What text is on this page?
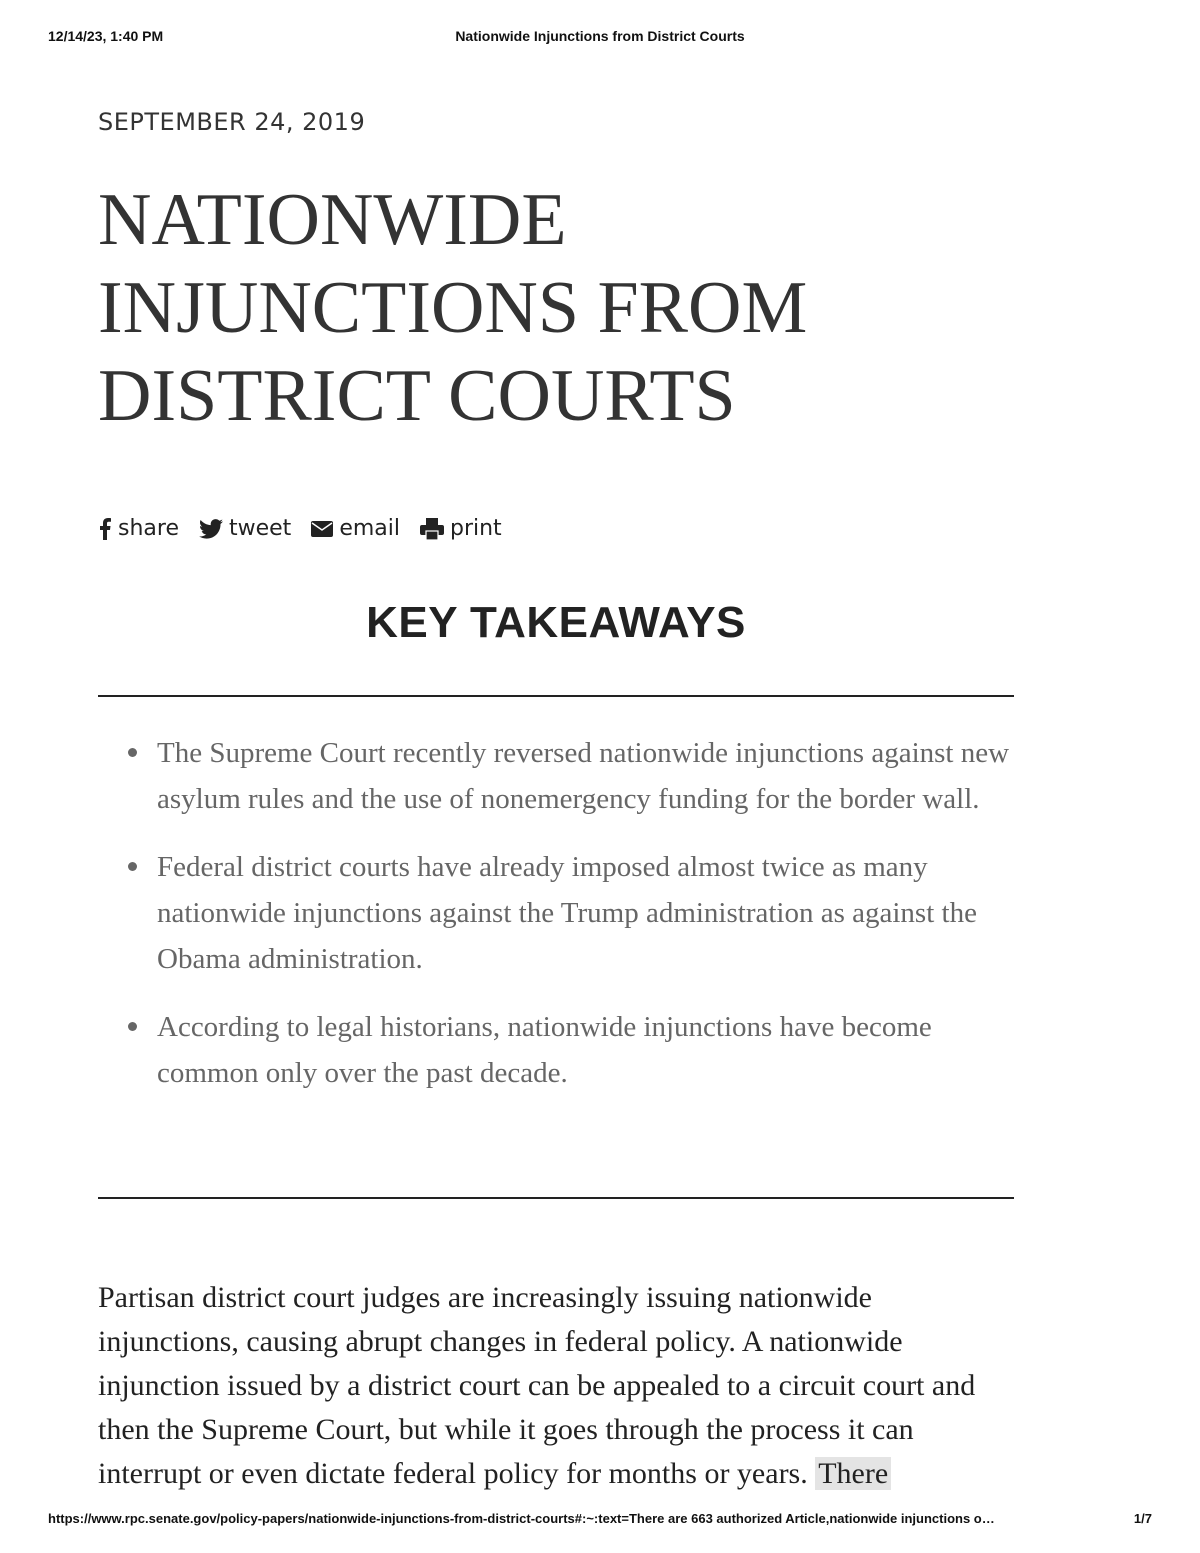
12/14/23, 1:40 PM	Nationwide Injunctions from District Courts
SEPTEMBER 24, 2019
NATIONWIDE INJUNCTIONS FROM DISTRICT COURTS
share tweet email print
KEY TAKEAWAYS
The Supreme Court recently reversed nationwide injunctions against new asylum rules and the use of nonemergency funding for the border wall.
Federal district courts have already imposed almost twice as many nationwide injunctions against the Trump administration as against the Obama administration.
According to legal historians, nationwide injunctions have become common only over the past decade.

Partisan district court judges are increasingly issuing nationwide injunctions, causing abrupt changes in federal policy. A nationwide injunction issued by a district court can be appealed to a circuit court and then the Supreme Court, but while it goes through the process it can interrupt or even dictate federal policy for months or years. There

https://www.rpc.senate.gov/policy-papers/nationwide-injunctions-from-district-courts#:~:text=There are 663 authorized Article,nationwide injunctions o…	1/7
